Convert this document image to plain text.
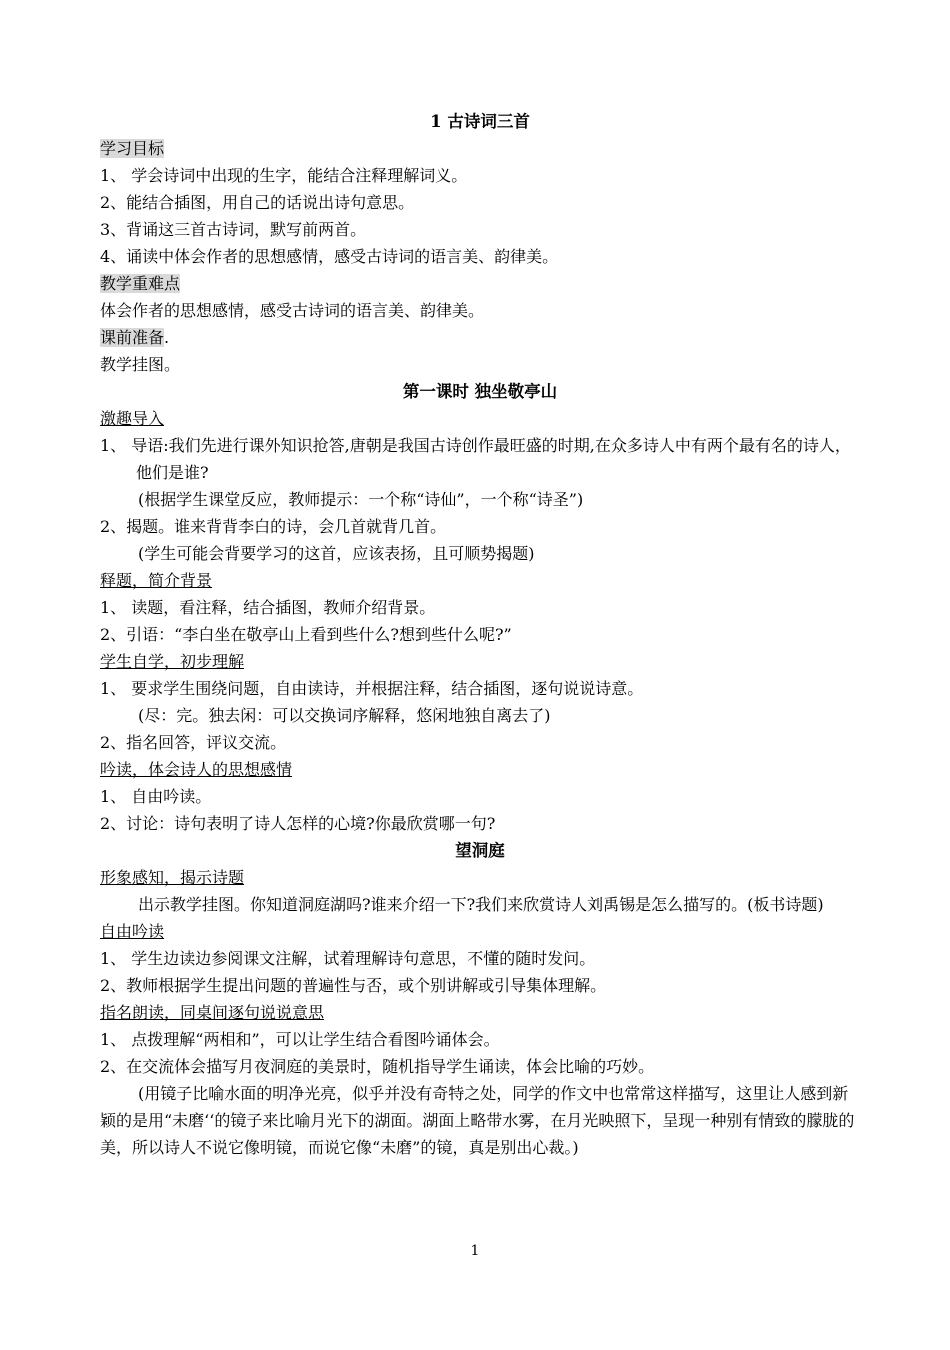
1 古诗词三首
学习目标
1、 学会诗词中出现的生字，能结合注释理解词义。
2、能结合插图，用自己的话说出诗句意思。
3、背诵这三首古诗词，默写前两首。
4、诵读中体会作者的思想感情，感受古诗词的语言美、韵律美。
教学重难点
体会作者的思想感情，感受古诗词的语言美、韵律美。
课前准备.
教学挂图。
第一课时 独坐敬亭山
激趣导入
1、 导语:我们先进行课外知识抢答,唐朝是我国古诗创作最旺盛的时期,在众多诗人中有两个最有名的诗人，他们是谁?
(根据学生课堂反应，教师提示：一个称“诗仙”，一个称“诗圣”)
2、揭题。谁来背背李白的诗，会几首就背几首。
(学生可能会背要学习的这首，应该表扬，且可顺势揭题)
释题，简介背景
1、 读题，看注释，结合插图，教师介绍背景。
2、引语：“李白坐在敬亭山上看到些什么?想到些什么呢?”
学生自学，初步理解
1、 要求学生围绕问题，自由读诗，并根据注释，结合插图，逐句说说诗意。
(尽：完。独去闲：可以交换词序解释，悠闲地独自离去了)
2、指名回答，评议交流。
吟读，体会诗人的思想感情
1、 自由吟读。
2、讨论：诗句表明了诗人怎样的心境?你最欣赏哪一句?
望洞庭
形象感知，揭示诗题
出示教学挂图。你知道洞庭湖吗?谁来介绍一下?我们来欣赏诗人刘禹锡是怎么描写的。(板书诗题)
自由吟读
1、 学生边读边参阅课文注解，试着理解诗句意思，不懂的随时发问。
2、教师根据学生提出问题的普遍性与否，或个别讲解或引导集体理解。
指名朗读，同桌间逐句说说意思
1、 点拨理解“两相和”，可以让学生结合看图吟诵体会。
2、在交流体会描写月夜洞庭的美景时，随机指导学生诵读，体会比喻的巧妙。
(用镜子比喻水面的明净光亮，似乎并没有奇特之处，同学的作文中也常常这样描写，这里让人感到新颖的是用“未磨‘‘的镜子来比喻月光下的湖面。湖面上略带水雾，在月光映照下，呈现一种别有情致的朦胧的美，所以诗人不说它像明镜，而说它像“未磨”的镜，真是别出心裁。)
1
